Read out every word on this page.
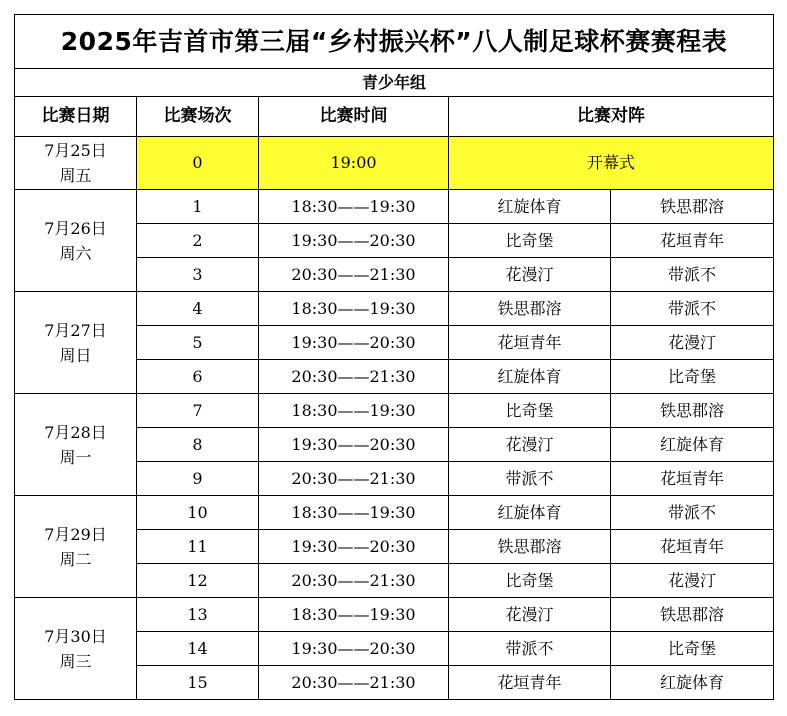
2025年吉首市第三届“乡村振兴杯”八人制足球杯赛赛程表				
青少年组				
比赛日期	比赛场次	比赛时间	比赛对阵	

7月25日
周五	0	19:00	开幕式	

7月26日
周六	1	18:30——19:30	红旋体育	铁思郡溶
	2	19:30——20:30	比奇堡	花垣青年
	3	20:30——21:30	花漫汀	带派不

7月27日
周日	4	18:30——19:30	铁思郡溶	带派不
	5	19:30——20:30	花垣青年	花漫汀
	6	20:30——21:30	红旋体育	比奇堡

7月28日
周一	7	18:30——19:30	比奇堡	铁思郡溶
	8	19:30——20:30	花漫汀	红旋体育
	9	20:30——21:30	带派不	花垣青年

7月29日
周二	10	18:30——19:30	红旋体育	带派不
	11	19:30——20:30	铁思郡溶	花垣青年
	12	20:30——21:30	比奇堡	花漫汀

7月30日
周三	13	18:30——19:30	花漫汀	铁思郡溶
	14	19:30——20:30	带派不	比奇堡
	15	20:30——21:30	花垣青年	红旋体育
